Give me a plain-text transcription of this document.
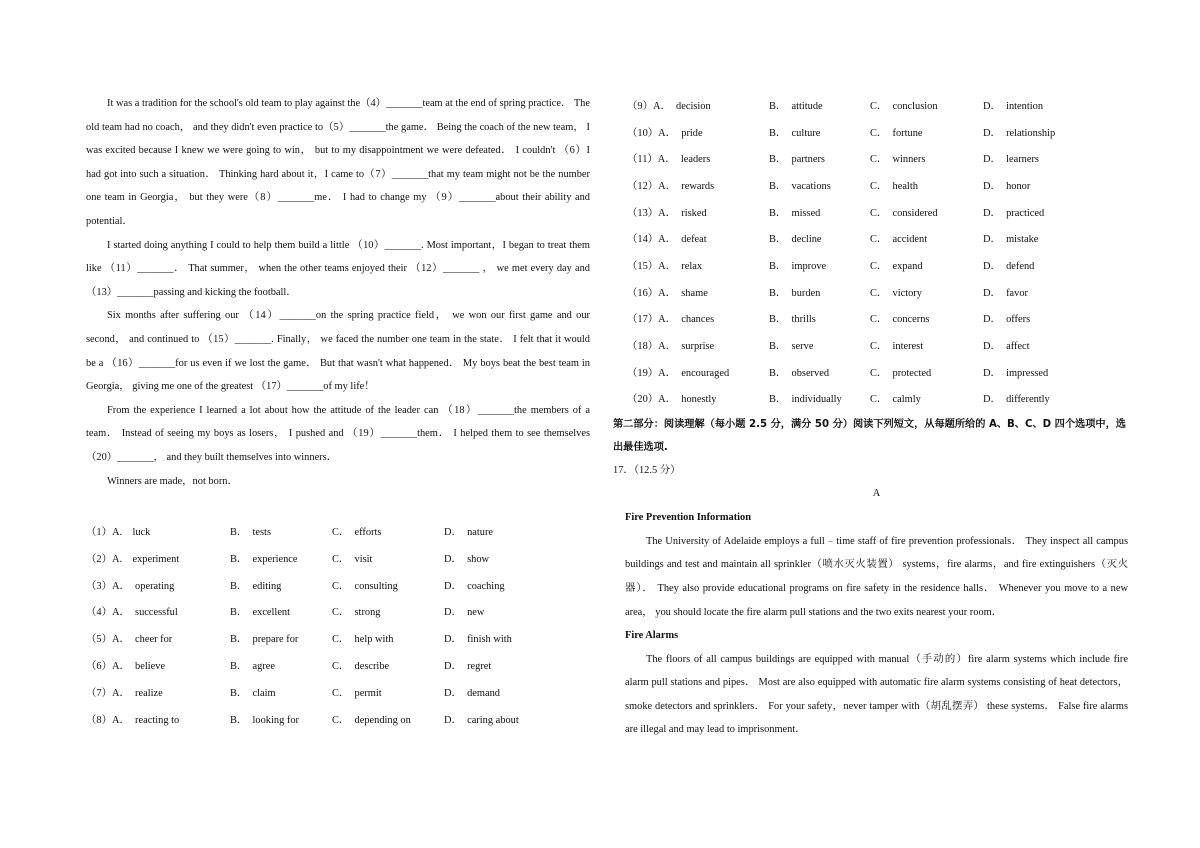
It was a tradition for the school's old team to play against the（4）_______team at the end of spring practice． The old team had no coach， and they didn't even practice to（5）_______the game． Being the coach of the new team， I was excited because I knew we were going to win， but to my disappointment we were defeated． I couldn't （6）I had got into such a situation． Thinking hard about it，I came to（7）_______that my team might not be the number one team in Georgia， but they were（8）_______me． I had to change my （9）_______about their ability and potential．

I started doing anything I could to help them build a little （10）_______. Most important，I began to treat them like （11）_______． That summer， when the other teams enjoyed their （12）_______ ， we met every day and （13）_______passing and kicking the football．

Six months after suffering our （14）_______on the spring practice field， we won our first game and our second， and continued to （15）_______. Finally， we faced the number one team in the state． I felt that it would be a （16）_______for us even if we lost the game． But that wasn't what happened． My boys beat the best team in Georgia， giving me one of the greatest （17）_______of my life！

From the experience I learned a lot about how the attitude of the leader can （18）_______the members of a team． Instead of seeing my boys as losers， I pushed and （19）_______them． I helped them to see themselves （20）_______， and they built themselves into winners．

Winners are made，not born．

（1）A.　luck	B．　tests	C．　efforts	D．　nature
（2）A.　experiment	B．　experience	C．　visit	D．　show
（3）A．　operating	B．　editing	C．　consulting	D．　coaching
（4）A．　successful	B．　excellent	C．　strong	D．　new
（5）A．　cheer for	B．　prepare for	C．　help with	D．　finish with
（6）A．　believe	B．　agree	C．　describe	D．　regret
（7）A．　realize	B．　claim	C．　permit	D．　demand
（8）A．　reacting to	B．　looking for	C．　depending on	D．　caring about
（9）A．　decision	B．　attitude	C．　conclusion	D．　intention
（10）A．　pride	B．　culture	C．　fortune	D．　relationship
（11）A．　leaders	B．　partners	C．　winners	D．　learners
（12）A．　rewards	B．　vacations	C．　health	D．　honor
（13）A．　risked	B．　missed	C．　considered	D．　practiced
（14）A．　defeat	B．　decline	C．　accident	D．　mistake
（15）A．　relax	B．　improve	C．　expand	D．　defend
（16）A．　shame	B．　burden	C．　victory	D．　favor
（17）A．　chances	B．　thrills	C．　concerns	D．　offers
（18）A．　surprise	B．　serve	C．　interest	D．　affect
（19）A．　encouraged	B．　observed	C．　protected	D．　impressed
（20）A．　honestly	B．　individually	C．　calmly	D．　differently
第二部分：阅读理解（每小题 2.5 分，满分 50 分）阅读下列短文，从每题所给的 A、B、C、D 四个选项中，选出最佳选项.
17．（12.5 分）

A

Fire Prevention Information

The University of Adelaide employs a full﹣time staff of fire prevention professionals． They inspect all campus buildings and test and maintain all sprinkler（喷水灭火装置） systems，fire alarms，and fire extinguishers（灭火器）． They also provide educational programs on fire safety in the residence halls． Whenever you move to a new area， you should locate the fire alarm pull stations and the two exits nearest your room．

Fire Alarms

The floors of all campus buildings are equipped with manual（手动的）fire alarm systems which include fire alarm pull stations and pipes． Most are also equipped with automatic fire alarm systems consisting of heat detectors，smoke detectors and sprinklers． For your safety，never tamper with（胡乱摆弄） these systems． False fire alarms are illegal and may lead to imprisonment．
